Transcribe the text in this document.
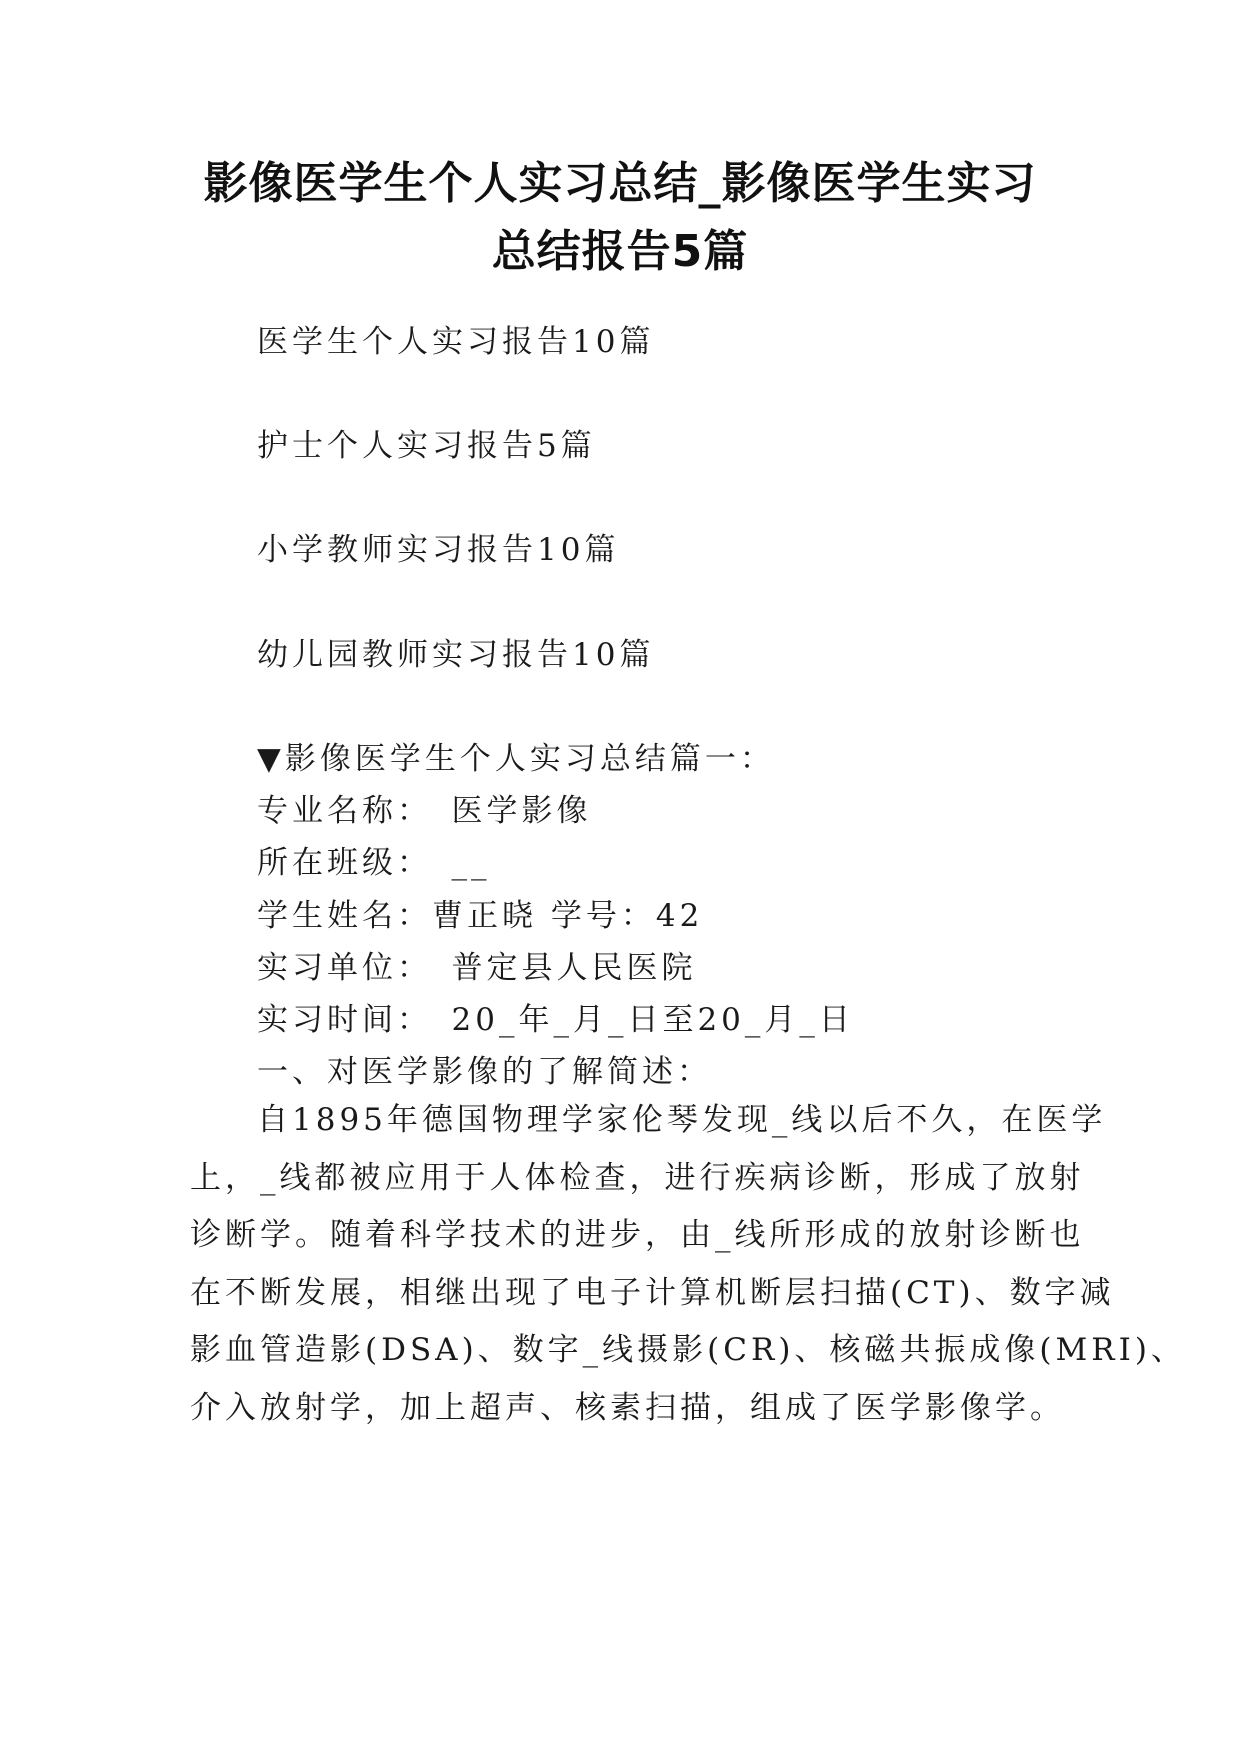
影像医学生个人实习总结_影像医学生实习
总结报告5篇
医学生个人实习报告10篇
护士个人实习报告5篇
小学教师实习报告10篇
幼儿园教师实习报告10篇
▼影像医学生个人实习总结篇一：
专业名称：　医学影像
所在班级：　__
学生姓名：曹正晓 学号：42
实习单位：　普定县人民医院
实习时间：　20_年_月_日至20_月_日
一、对医学影像的了解简述：
自1895年德国物理学家伦琴发现_线以后不久，在医学
上，_线都被应用于人体检查，进行疾病诊断，形成了放射
诊断学。随着科学技术的进步，由_线所形成的放射诊断也
在不断发展，相继出现了电子计算机断层扫描(CT)、数字减
影血管造影(DSA)、数字_线摄影(CR)、核磁共振成像(MRI)、
介入放射学，加上超声、核素扫描，组成了医学影像学。
